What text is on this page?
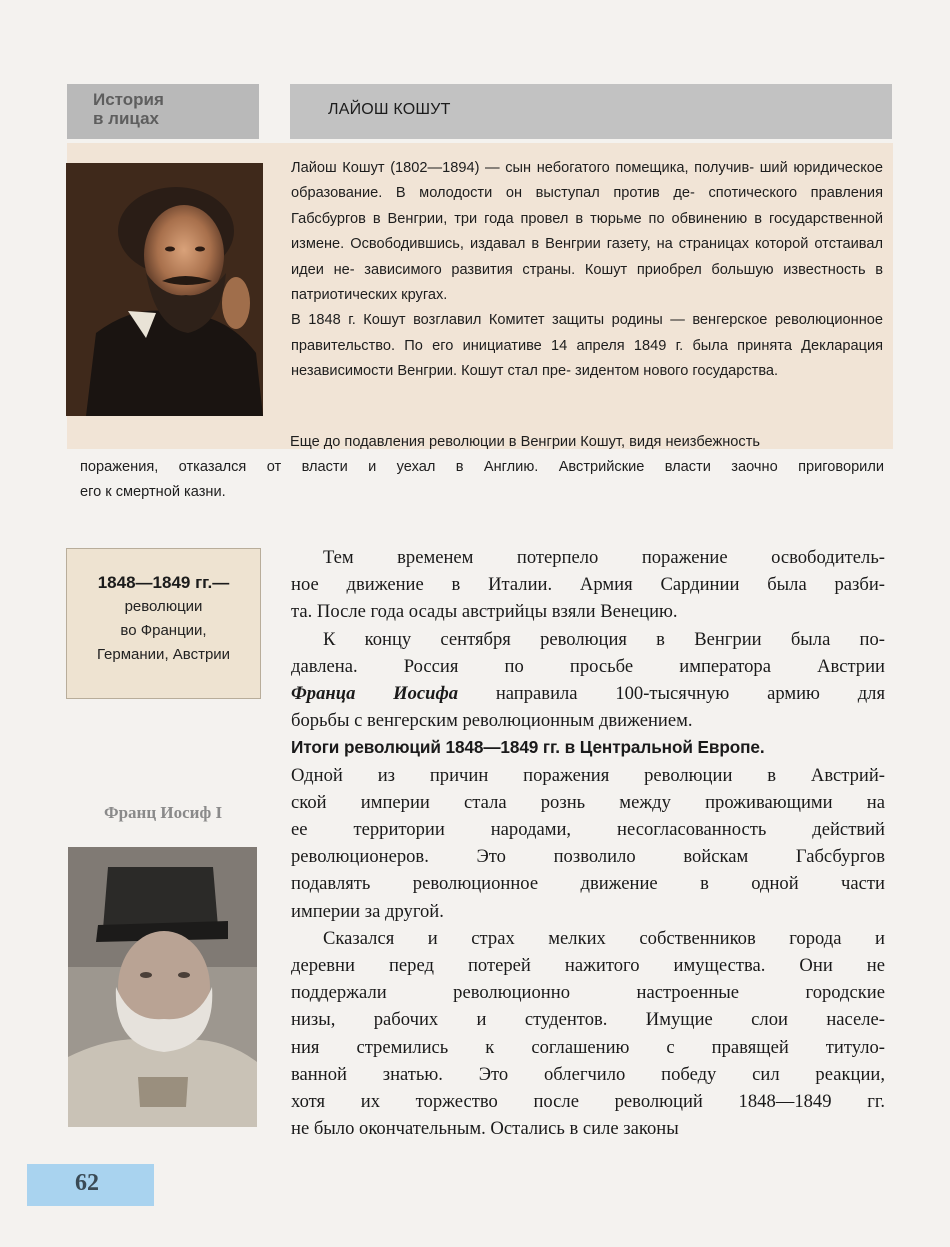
История
в лицах	ЛАЙОШ КОШУТ

Лайош Кошут (1802—1894) — сын небогатого помещика, получив- ший юридическое образование. В молодости он выступал против де- спотического правления Габсбургов в Венгрии, три года провел в тюрьме по обвинению в государственной измене. Освободившись, издавал в Венгрии газету, на страницах которой отстаивал идеи не- зависимого развития страны. Кошут приобрел большую известность в патриотических кругах.

В 1848 г. Кошут возглавил Комитет защиты родины — венгерское революционное правительство. По его инициативе 14 апреля 1849 г. была принята Декларация независимости Венгрии. Кошут стал пре- зидентом нового государства.

Еще до подавления революции в Венгрии Кошут, видя неизбежность
поражения, отказался от власти и уехал в Англию. Австрийские власти заочно приговорили
его к смертной казни.
1848—1849 гг.—
революции
во Франции,
Германии, Австрии
Франц Иосиф I
Тем временем потерпело поражение освободитель-
ное движение в Италии. Армия Сардинии была разби-
та. После года осады австрийцы взяли Венецию.
К концу сентября революция в Венгрии была по-
давлена. Россия по просьбе императора Австрии
Франца Иосифа направила 100-тысячную армию для
борьбы с венгерским революционным движением.
Итоги революций 1848—1849 гг. в Центральной Европе.
Одной из причин поражения революции в Австрий-
ской империи стала рознь между проживающими на
ее территории народами, несогласованность действий
революционеров. Это позволило войскам Габсбургов
подавлять революционное движение в одной части
империи за другой.
Сказался и страх мелких собственников города и
деревни перед потерей нажитого имущества. Они не
поддержали революционно настроенные городские
низы, рабочих и студентов. Имущие слои населе-
ния стремились к соглашению с правящей титуло-
ванной знатью. Это облегчило победу сил реакции,
хотя их торжество после революций 1848—1849 гг.
не было окончательным. Остались в силе законы
62
